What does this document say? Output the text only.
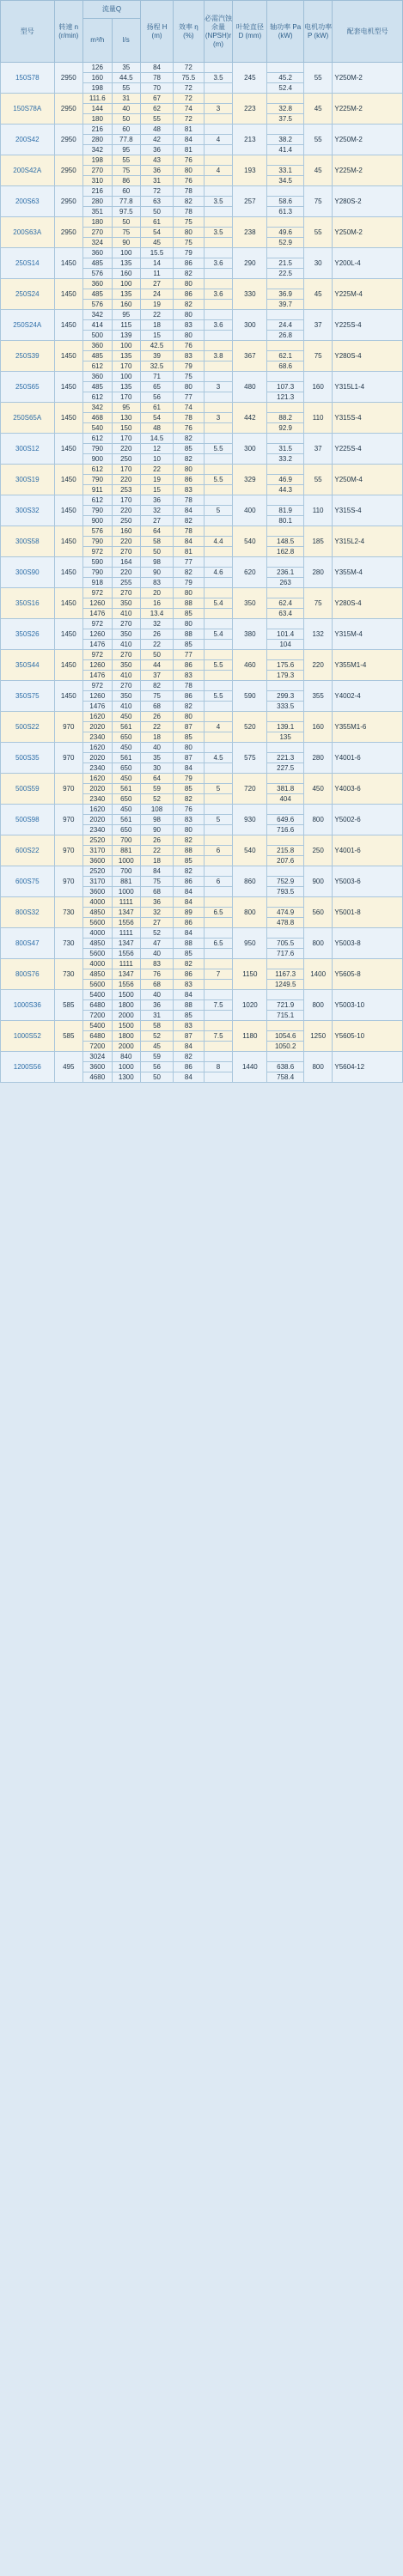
型号	转速 n (r/min)	流量Q		扬程 H (m)	效率 η (%)	必需汽蚀余量 (NPSH)r (m)	叶轮直径 D (mm)	轴功率 Pa (kW)	电机功率 P (kW)	配套电机型号
		m³/h	l/s							
150S78	2950	126	35	84	72		245		55	Y250M-2
		160	44.5	78	75.5	3.5		45.2		
		198	55	70	72			52.4		
150S78A	2950	111.6	31	67	72		223		45	Y225M-2
		144	40	62	74	3		32.8		
		180	50	55	72			37.5		
200S42	2950	216	60	48	81		213		55	Y250M-2
		280	77.8	42	84	4		38.2		
		342	95	36	81			41.4		
200S42A	2950	198	55	43	76		193		45	Y225M-2
		270	75	36	80	4		33.1		
		310	86	31	76			34.5		
200S63	2950	216	60	72	78		257		75	Y280S-2
		280	77.8	63	82	3.5		58.6		
		351	97.5	50	78			61.3		
200S63A	2950	180	50	61	75		238		55	Y250M-2
		270	75	54	80	3.5		49.6		
		324	90	45	75			52.9		
250S14	1450	360	100	15.5	79		290		30	Y200L-4
		485	135	14	86	3.6		21.5		
		576	160	11	82			22.5		
250S24	1450	360	100	27	80		330		45	Y225M-4
		485	135	24	86	3.6		36.9		
		576	160	19	82			39.7		
250S24A	1450	342	95	22	80		300		37	Y225S-4
		414	115	18	83	3.6		24.4		
		500	139	15	80			26.8		
250S39	1450	360	100	42.5	76		367		75	Y280S-4
		485	135	39	83	3.8		62.1		
		612	170	32.5	79			68.6		
250S65	1450	360	100	71	75		480		160	Y315L1-4
		485	135	65	80	3		107.3		
		612	170	56	77			121.3		
250S65A	1450	342	95	61	74		442		110	Y315S-4
		468	130	54	78	3		88.2		
		540	150	48	76			92.9		
300S12	1450	612	170	14.5	82		300		37	Y225S-4
		790	220	12	85	5.5		31.5		
		900	250	10	82			33.2		
300S19	1450	612	170	22	80		329		55	Y250M-4
		790	220	19	86	5.5		46.9		
		911	253	15	83			44.3		
300S32	1450	612	170	36	78		400		110	Y315S-4
		790	220	32	84	5		81.9		
		900	250	27	82			80.1		
300S58	1450	576	160	64	78		540		185	Y315L2-4
		790	220	58	84	4.4		148.5		
		972	270	50	81			162.8		
300S90	1450	590	164	98	77		620		280	Y355M-4
		790	220	90	82	4.6		236.1		
		918	255	83	79			263		
350S16	1450	972	270	20	80		350		75	Y280S-4
		1260	350	16	88	5.4		62.4		
		1476	410	13.4	85			63.4		
350S26	1450	972	270	32	80		380		132	Y315M-4
		1260	350	26	88	5.4		101.4		
		1476	410	22	85			104		
350S44	1450	972	270	50	77		460		220	Y355M1-4
		1260	350	44	86	5.5		175.6		
		1476	410	37	83			179.3		
350S75	1450	972	270	82	78		590		355	Y4002-4
		1260	350	75	86	5.5		299.3		
		1476	410	68	82			333.5		
500S22	970	1620	450	26	80		520		160	Y355M1-6
		2020	561	22	87	4		139.1		
		2340	650	18	85			135		
500S35	970	1620	450	40	80		575		280	Y4001-6
		2020	561	35	87	4.5		221.3		
		2340	650	30	84			227.5		
500S59	970	1620	450	64	79		720		450	Y4003-6
		2020	561	59	85	5		381.8		
		2340	650	52	82			404		
500S98	970	1620	450	108	76		930		800	Y5002-6
		2020	561	98	83	5		649.6		
		2340	650	90	80			716.6		
600S22	970	2520	700	26	82		540		250	Y4001-6
		3170	881	22	88	6		215.8		
		3600	1000	18	85			207.6		
600S75	970	2520	700	84	82		860		900	Y5003-6
		3170	881	75	86	6		752.9		
		3600	1000	68	84			793.5		
800S32	730	4000	1111	36	84		800		560	Y5001-8
		4850	1347	32	89	6.5		474.9		
		5600	1556	27	86			478.8		
800S47	730	4000	1111	52	84		950		800	Y5003-8
		4850	1347	47	88	6.5		705.5		
		5600	1556	40	85			717.6		
800S76	730	4000	1111	83	82		1150		1400	Y5605-8
		4850	1347	76	86	7		1167.3		
		5600	1556	68	83			1249.5		
1000S36	585	5400	1500	40	84		1020		800	Y5003-10
		6480	1800	36	88	7.5		721.9		
		7200	2000	31	85			715.1		
1000S52	585	5400	1500	58	83		1180		1250	Y5605-10
		6480	1800	52	87	7.5		1054.6		
		7200	2000	45	84			1050.2		
1200S56	495	3024	840	59	82		1440		800	Y5604-12
		3600	1000	56	86	8		638.6		
		4680	1300	50	84			758.4		
